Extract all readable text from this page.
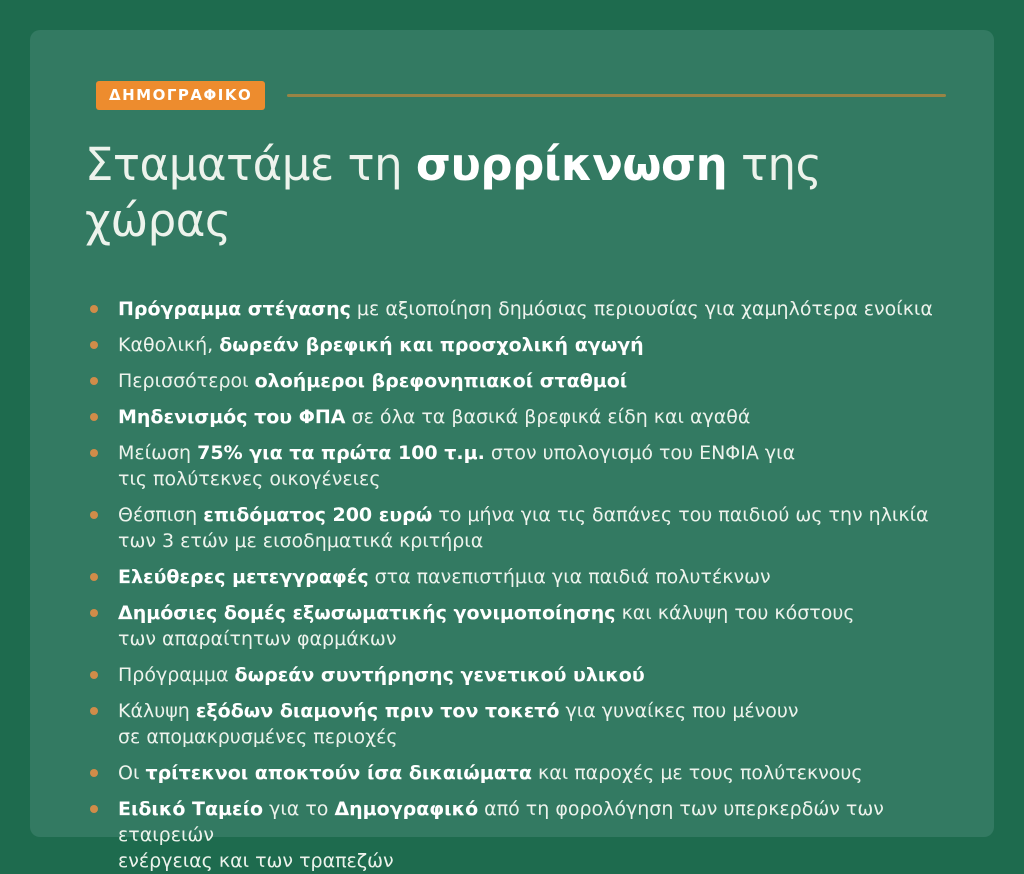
ΔΗΜΟΓΡΑΦΙΚΟ
Σταματάμε τη συρρίκνωση της χώρας
Πρόγραμμα στέγασης με αξιοποίηση δημόσιας περιουσίας για χαμηλότερα ενοίκια
Καθολική, δωρεάν βρεφική και προσχολική αγωγή
Περισσότεροι ολοήμεροι βρεφονηπιακοί σταθμοί
Μηδενισμός του ΦΠΑ σε όλα τα βασικά βρεφικά είδη και αγαθά
Μείωση 75% για τα πρώτα 100 τ.μ. στον υπολογισμό του ΕΝΦΙΑ για
τις πολύτεκνες οικογένειες
Θέσπιση επιδόματος 200 ευρώ το μήνα για τις δαπάνες του παιδιού ως την ηλικία
των 3 ετών με εισοδηματικά κριτήρια
Ελεύθερες μετεγγραφές στα πανεπιστήμια για παιδιά πολυτέκνων
Δημόσιες δομές εξωσωματικής γονιμοποίησης και κάλυψη του κόστους
των απαραίτητων φαρμάκων
Πρόγραμμα δωρεάν συντήρησης γενετικού υλικού
Κάλυψη εξόδων διαμονής πριν τον τοκετό για γυναίκες που μένουν
σε απομακρυσμένες περιοχές
Οι τρίτεκνοι αποκτούν ίσα δικαιώματα και παροχές με τους πολύτεκνους
Ειδικό Ταμείο για το Δημογραφικό από τη φορολόγηση των υπερκερδών των εταιρειών
ενέργειας και των τραπεζών
